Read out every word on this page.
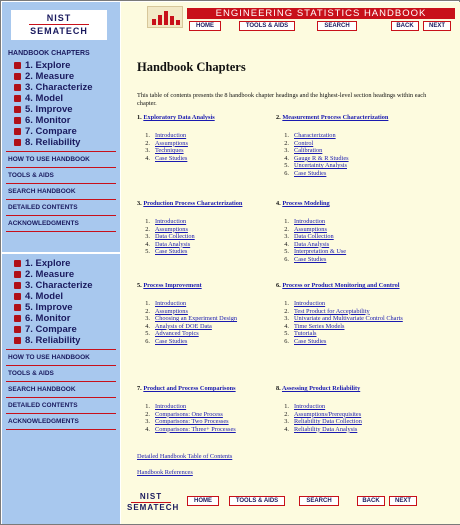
NIST
SEMATECH
HANDBOOK CHAPTERS
1. Explore
2. Measure
3. Characterize
4. Model
5. Improve
6. Monitor
7. Compare
8. Reliability
HOW TO USE HANDBOOK
TOOLS & AIDS
SEARCH HANDBOOK
DETAILED CONTENTS
ACKNOWLEDGMENTS
1. Explore
2. Measure
3. Characterize
4. Model
5. Improve
6. Monitor
7. Compare
8. Reliability
HOW TO USE HANDBOOK
TOOLS & AIDS
SEARCH HANDBOOK
DETAILED CONTENTS
ACKNOWLEDGMENTS
ENGINEERING STATISTICS HANDBOOK
HOME	TOOLS & AIDS	SEARCH	BACK	NEXT
Handbook Chapters

This table of contents presents the 8 handbook chapter headings and the highest-level section headings within each chapter.

1. Exploratory Data Analysis
1. Introduction
2. Assumptions
3. Techniques
4. Case Studies
2. Measurement Process Characterization
1. Characterization
2. Control
3. Calibration
4. Gauge R & R Studies
5. Uncertainty Analysis
6. Case Studies
3. Production Process Characterization
1. Introduction
2. Assumptions
3. Data Collection
4. Data Analysis
5. Case Studies
4. Process Modeling
1. Introduction
2. Assumptions
3. Data Collection
4. Data Analysis
5. Interpretation & Use
6. Case Studies
5. Process Improvement
1. Introduction
2. Assumptions
3. Choosing an Experiment Design
4. Analysis of DOE Data
5. Advanced Topics
6. Case Studies
6. Process or Product Monitoring and Control
1. Introduction
2. Test Product for Acceptability
3. Univariate and Multivariate Control Charts
4. Time Series Models
5. Tutorials
6. Case Studies
7. Product and Process Comparisons
1. Introduction
2. Comparisons: One Process
3. Comparisons: Two Processes
4. Comparisons: Three+ Processes
8. Assessing Product Reliability
1. Introduction
2. Assumptions/Prerequisites
3. Reliability Data Collection
4. Reliability Data Analysis
Detailed Handbook Table of Contents
Handbook References
NIST
SEMATECH
HOME	TOOLS & AIDS	SEARCH	BACK	NEXT
